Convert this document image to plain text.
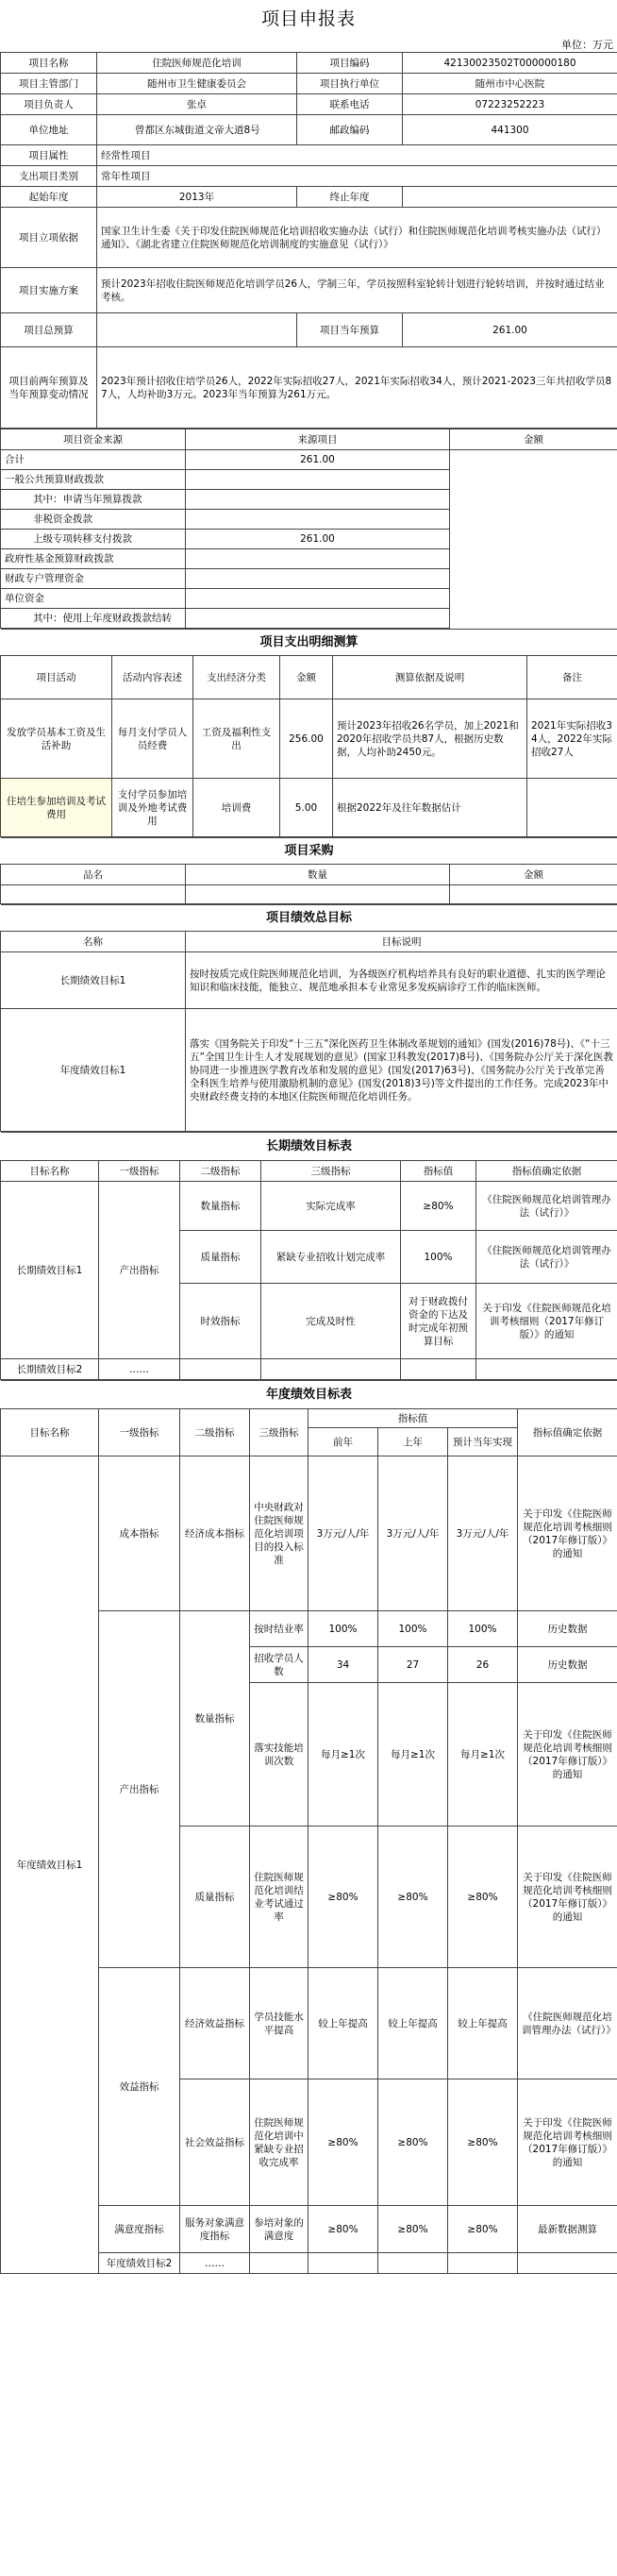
项目申报表
单位：万元
项目名称	住院医师规范化培训	项目编码	42130023502T000000180
项目主管部门	随州市卫生健康委员会	项目执行单位	随州市中心医院
项目负责人	张卓	联系电话	07223252223
单位地址	曾都区东城街道文帝大道8号	邮政编码	441300
项目属性	经常性项目		
支出项目类别	常年性项目		
起始年度	2013年	终止年度	
项目立项依据	国家卫生计生委《关于印发住院医师规范化培训招收实施办法（试行）和住院医师规范化培训考核实施办法（试行）通知》、《湖北省建立住院医师规范化培训制度的实施意见（试行）》		
项目实施方案	预计2023年招收住院医师规范化培训学员26人，学制三年，学员按照科室轮转计划进行轮转培训，并按时通过结业考核。		
项目总预算		项目当年预算	261.00
项目前两年预算及当年预算变动情况	2023年预计招收住培学员26人，2022年实际招收27人，2021年实际招收34人，预计2021-2023三年共招收学员87人，人均补助3万元。2023年当年预算为261万元。		
项目资金来源	来源项目	金额
合计	261.00	
一般公共预算财政拨款		
其中：申请当年预算拨款		
非税资金拨款		
上级专项转移支付拨款	261.00	
政府性基金预算财政拨款		
财政专户管理资金		
单位资金		
其中：使用上年度财政拨款结转		
项目支出明细测算					
项目活动	活动内容表述	支出经济分类	金额	测算依据及说明	备注
发放学员基本工资及生活补助	每月支付学员人员经费	工资及福利性支出	256.00	预计2023年招收26名学员，加上2021和2020年招收学员共87人，根据历史数据，人均补助2450元。	2021年实际招收34人，2022年实际招收27人
住培生参加培训及考试费用	支付学员参加培训及外地考试费用	培训费	5.00	根据2022年及往年数据估计	
项目采购		
品名	数量	金额

项目绩效总目标	
名称	目标说明
长期绩效目标1	按时按质完成住院医师规范化培训，为各级医疗机构培养具有良好的职业道德、扎实的医学理论知识和临床技能，能独立、规范地承担本专业常见多发疾病诊疗工作的临床医师。
年度绩效目标1	落实《国务院关于印发“十三五”深化医药卫生体制改革规划的通知》(国发(2016)78号)、《“十三五”全国卫生计生人才发展规划的意见》(国家卫科教发(2017)8号)、《国务院办公厅关于深化医教协同进一步推进医学教育改革和发展的意见》(国发(2017)63号)、《国务院办公厅关于改革完善全科医生培养与使用激励机制的意见》(国发(2018)3号)等文件提出的工作任务。完成2023年中央财政经费支持的本地区住院医师规范化培训任务。
长期绩效目标表					
目标名称	一级指标	二级指标	三级指标	指标值	指标值确定依据
长期绩效目标1	产出指标	数量指标	实际完成率	≥80%	《住院医师规范化培训管理办法（试行）》
		质量指标	紧缺专业招收计划完成率	100%	《住院医师规范化培训管理办法（试行）》
		时效指标	完成及时性	对于财政拨付资金的下达及时完成年初预算目标	关于印发《住院医师规范化培训考核细则（2017年修订版）》的通知
长期绩效目标2	……				
年度绩效目标表								
目标名称	一级指标	二级指标	三级指标	指标值			指标值确定依据	
				前年	上年	预计当年实现		
年度绩效目标1	成本指标	经济成本指标	中央财政对住院医师规范化培训项目的投入标准	3万元/人/年	3万元/人/年	3万元/人/年	关于印发《住院医师规范化培训考核细则（2017年修订版）》的通知	
	产出指标	数量指标	按时结业率	100%	100%	100%	历史数据	
			招收学员人数	34	27	26	历史数据	
			落实技能培训次数	每月≥1次	每月≥1次	每月≥1次	关于印发《住院医师规范化培训考核细则（2017年修订版）》的通知	
		质量指标	住院医师规范化培训结业考试通过率	≥80%	≥80%	≥80%	关于印发《住院医师规范化培训考核细则（2017年修订版）》的通知	
	效益指标	经济效益指标	学员技能水平提高	较上年提高	较上年提高	较上年提高	《住院医师规范化培训管理办法（试行）》	
		社会效益指标	住院医师规范化培训中紧缺专业招收完成率	≥80%	≥80%	≥80%	关于印发《住院医师规范化培训考核细则（2017年修订版）》的通知	
	满意度指标	服务对象满意度指标	参培对象的满意度	≥80%	≥80%	≥80%	最新数据测算	
	年度绩效目标2	……						
